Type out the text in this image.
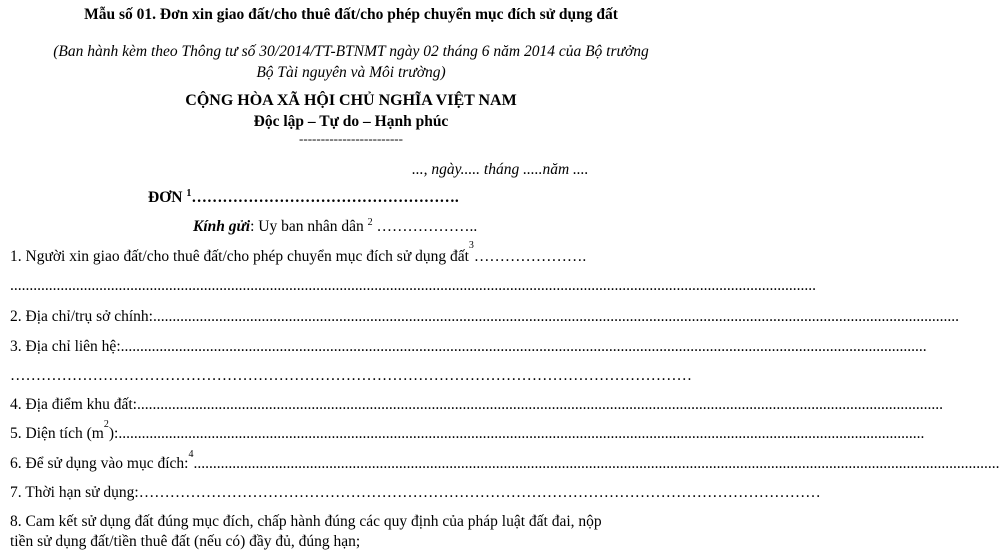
Mẫu số 01. Đơn xin giao đất/cho thuê đất/cho phép chuyển mục đích sử dụng đất
(Ban hành kèm theo Thông tư số 30/2014/TT-BTNMT ngày 02 tháng 6 năm 2014 của Bộ trưởng
Bộ Tài nguyên và Môi trường)
CỘNG HÒA XÃ HỘI CHỦ NGHĨA VIỆT NAM
Độc lập – Tự do – Hạnh phúc
------------------------
..., ngày..... tháng .....năm ....
ĐƠN $^1$…………………………………………….
Kính gửi: Uy ban nhân dân $^2$ ………………..
1. Người xin giao đất/cho thuê đất/cho phép chuyển mục đích sử dụng đất
3
………………….
.....
2. Địa chỉ/trụ sở chính:
.....
3. Địa chỉ liên hệ:
.....
……………………………………………………………………………………………………………………
4. Địa điểm khu đất:
.....
5. Diện tích (m
2
):
.....
6. Để sử dụng vào mục đích:
4
.....
7. Thời hạn sử dụng:
……………………………………………………………………………………………………………………
8. Cam kết sử dụng đất đúng mục đích, chấp hành đúng các quy định của pháp luật đất đai, nộp
tiền sử dụng đất/tiền thuê đất (nếu có) đầy đủ, đúng hạn;
